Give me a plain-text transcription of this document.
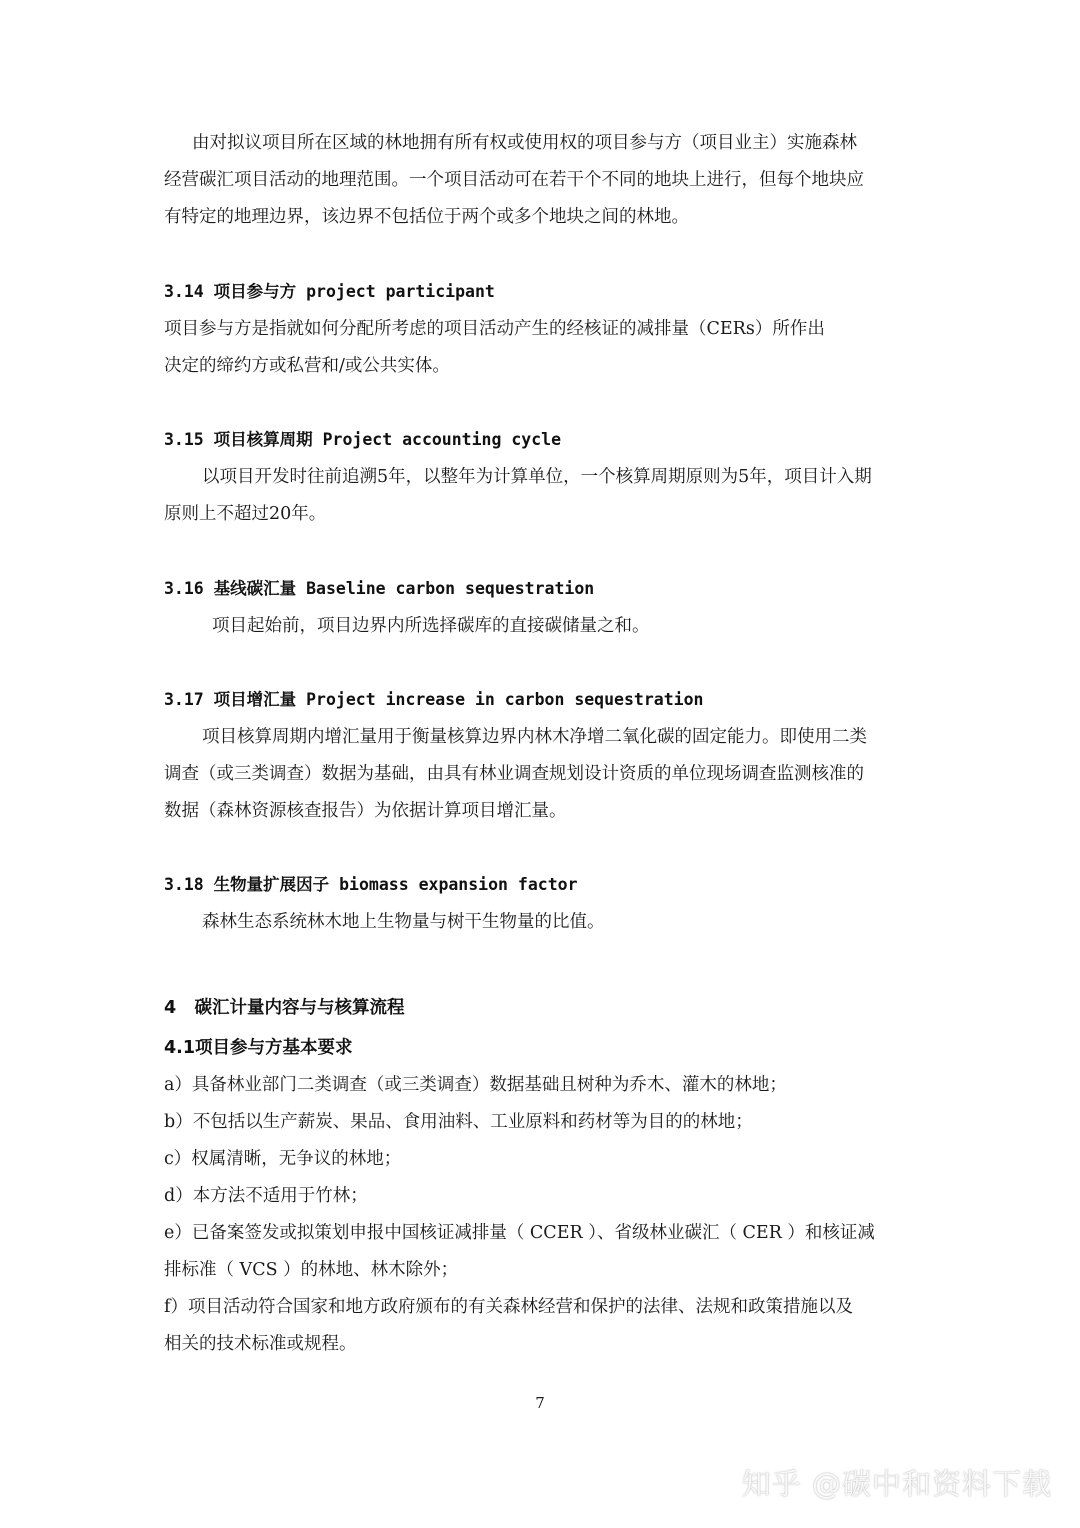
由对拟议项目所在区域的林地拥有所有权或使用权的项目参与方（项目业主）实施森林
经营碳汇项目活动的地理范围。一个项目活动可在若干个不同的地块上进行，但每个地块应
有特定的地理边界，该边界不包括位于两个或多个地块之间的林地。
3.14 项目参与方 project participant
项目参与方是指就如何分配所考虑的项目活动产生的经核证的减排量（CERs）所作出
决定的缔约方或私营和/或公共实体。
3.15 项目核算周期 Project accounting cycle
以项目开发时往前追溯5年，以整年为计算单位，一个核算周期原则为5年，项目计入期
原则上不超过20年。
3.16 基线碳汇量 Baseline carbon sequestration
项目起始前，项目边界内所选择碳库的直接碳储量之和。
3.17 项目增汇量 Project increase in carbon sequestration
项目核算周期内增汇量用于衡量核算边界内林木净增二氧化碳的固定能力。即使用二类
调查（或三类调查）数据为基础，由具有林业调查规划设计资质的单位现场调查监测核准的
数据（森林资源核查报告）为依据计算项目增汇量。
3.18 生物量扩展因子 biomass expansion factor
森林生态系统林木地上生物量与树干生物量的比值。
4   碳汇计量内容与与核算流程
4.1项目参与方基本要求
a）具备林业部门二类调查（或三类调查）数据基础且树种为乔木、灌木的林地；
b）不包括以生产薪炭、果品、食用油料、工业原料和药材等为目的的林地；
c）权属清晰，无争议的林地；
d）本方法不适用于竹林；
e）已备案签发或拟策划申报中国核证减排量（ CCER ）、省级林业碳汇（ CER ）和核证减
排标准（ VCS ）的林地、林木除外；
f）项目活动符合国家和地方政府颁布的有关森林经营和保护的法律、法规和政策措施以及
相关的技术标准或规程。
7
知乎 @碳中和资料下载
